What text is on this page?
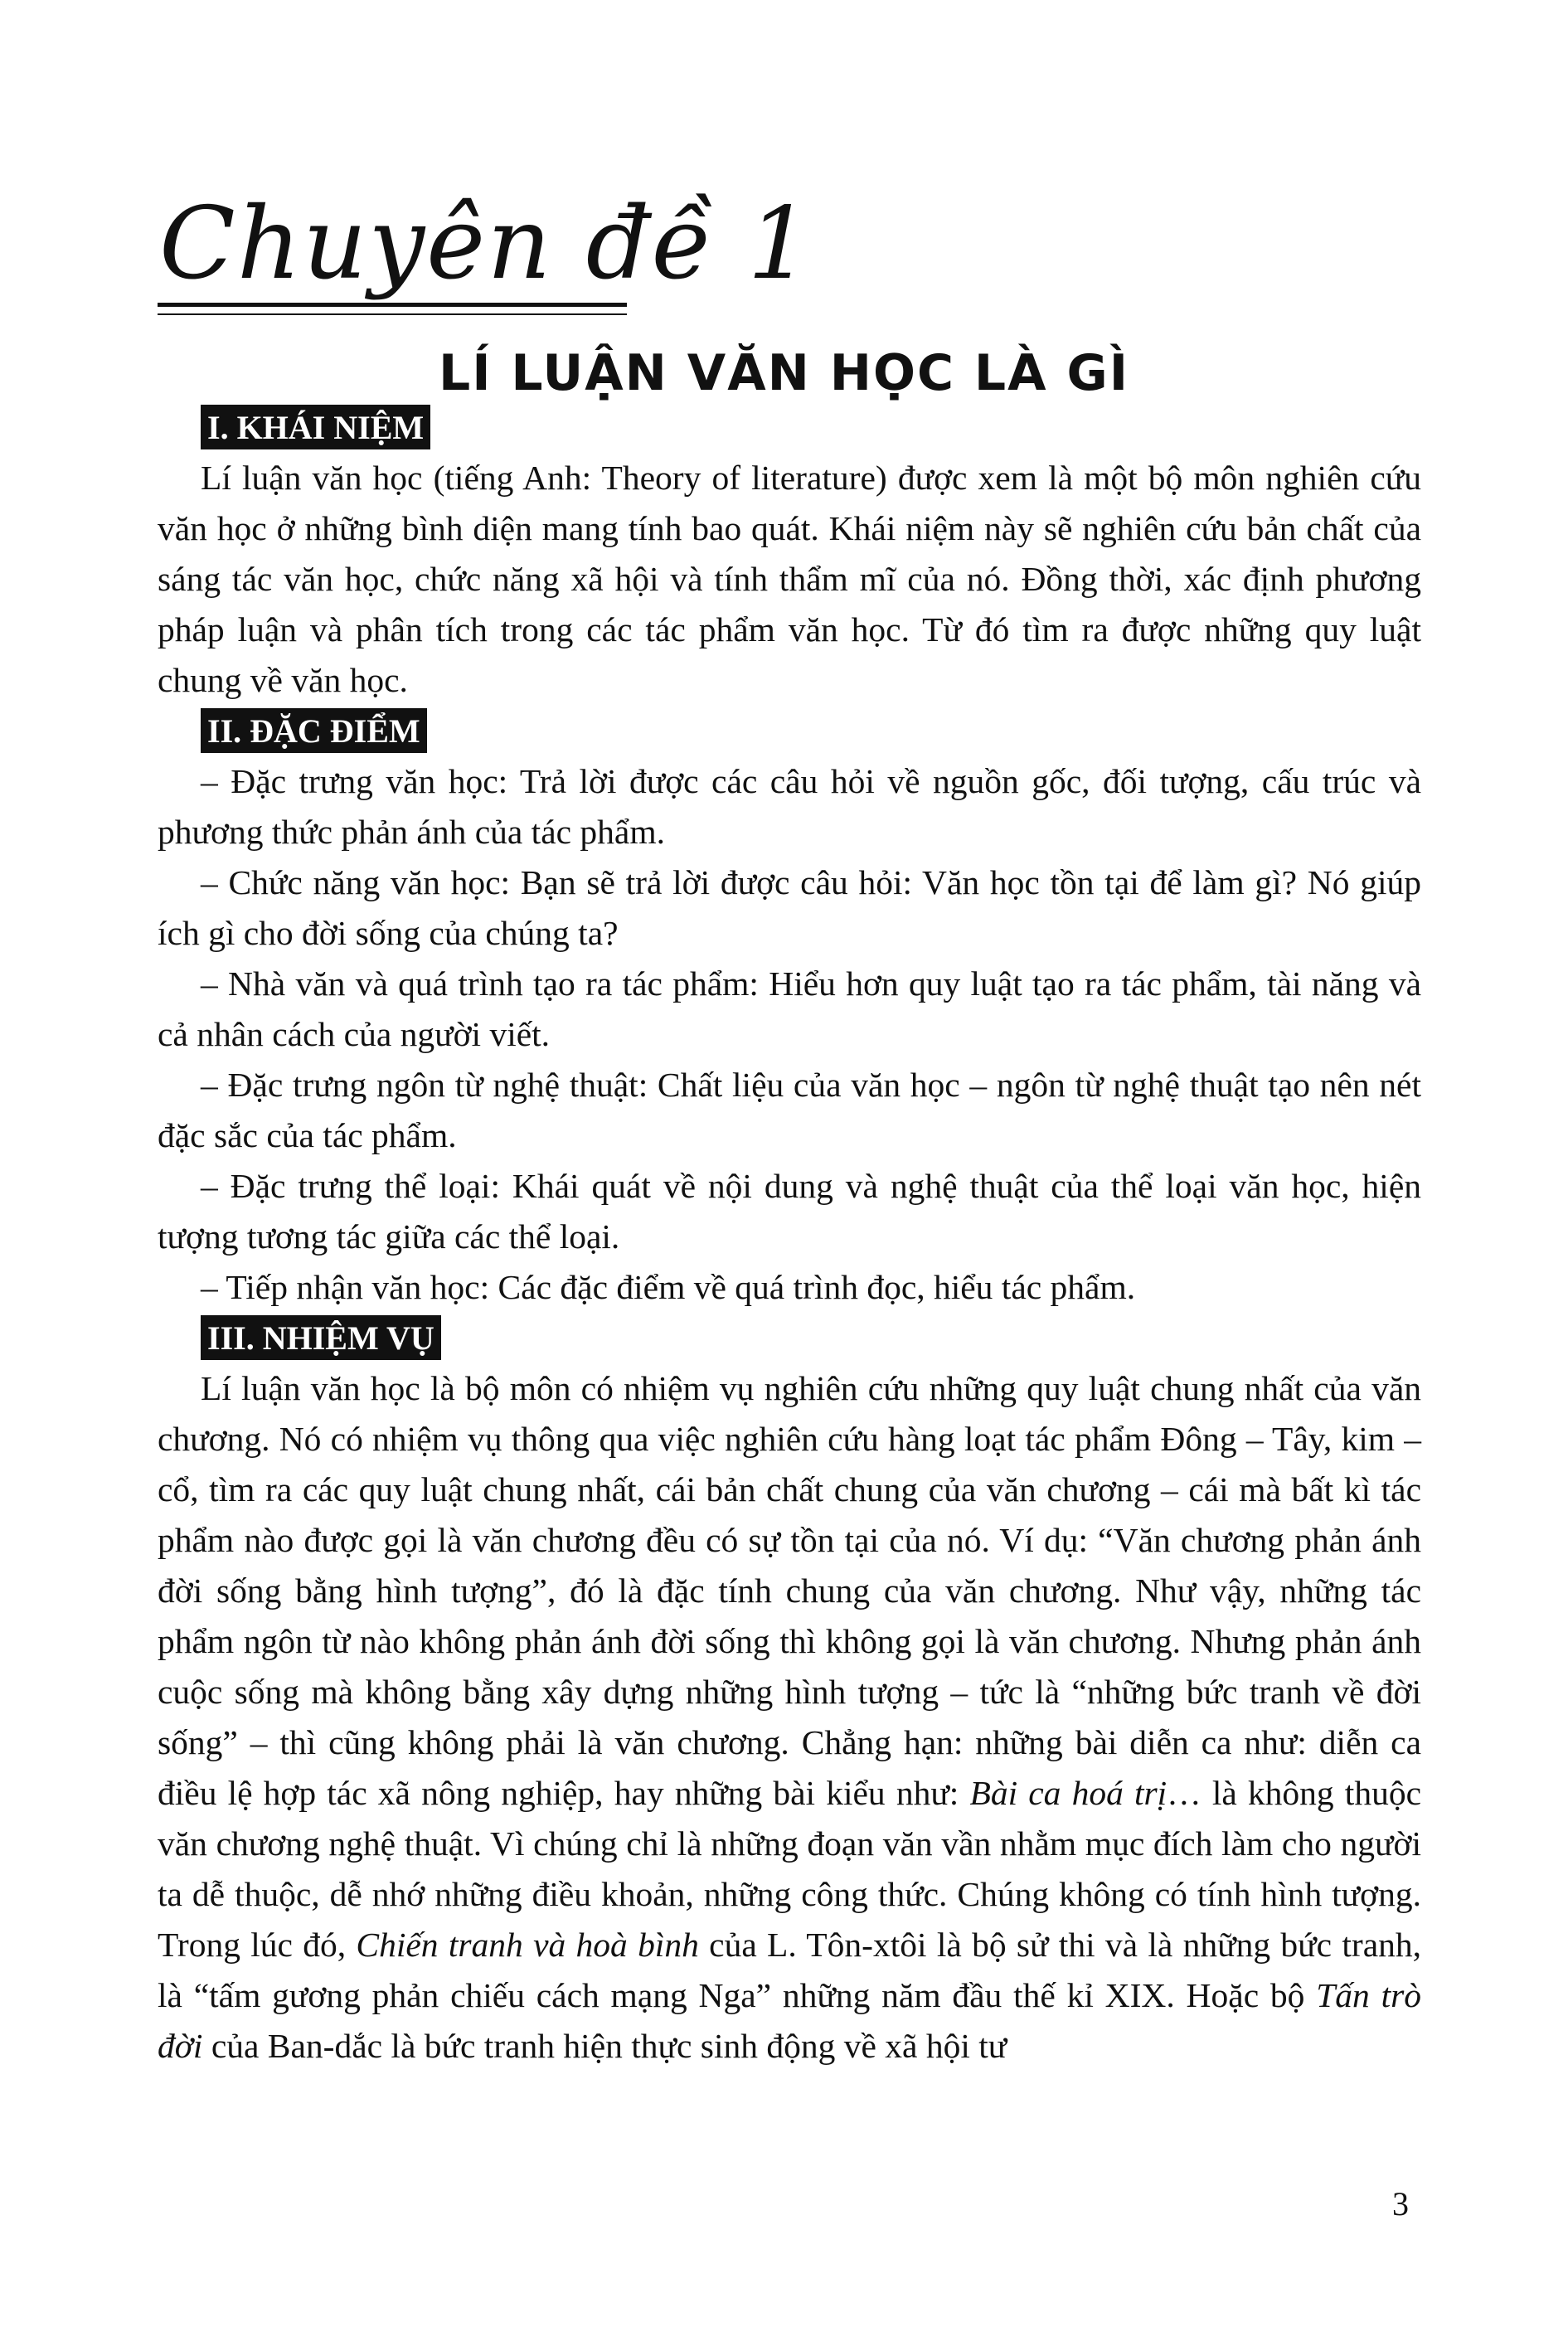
Chuyên đề 1
LÍ LUẬN VĂN HỌC LÀ GÌ
I. KHÁI NIỆM

Lí luận văn học (tiếng Anh: Theory of literature) được xem là một bộ môn nghiên cứu văn học ở những bình diện mang tính bao quát. Khái niệm này sẽ nghiên cứu bản chất của sáng tác văn học, chức năng xã hội và tính thẩm mĩ của nó. Đồng thời, xác định phương pháp luận và phân tích trong các tác phẩm văn học. Từ đó tìm ra được những quy luật chung về văn học.

II. ĐẶC ĐIỂM

– Đặc trưng văn học: Trả lời được các câu hỏi về nguồn gốc, đối tượng, cấu trúc và phương thức phản ánh của tác phẩm.

– Chức năng văn học: Bạn sẽ trả lời được câu hỏi: Văn học tồn tại để làm gì? Nó giúp ích gì cho đời sống của chúng ta?

– Nhà văn và quá trình tạo ra tác phẩm: Hiểu hơn quy luật tạo ra tác phẩm, tài năng và cả nhân cách của người viết.

– Đặc trưng ngôn từ nghệ thuật: Chất liệu của văn học – ngôn từ nghệ thuật tạo nên nét đặc sắc của tác phẩm.

– Đặc trưng thể loại: Khái quát về nội dung và nghệ thuật của thể loại văn học, hiện tượng tương tác giữa các thể loại.

– Tiếp nhận văn học: Các đặc điểm về quá trình đọc, hiểu tác phẩm.

III. NHIỆM VỤ

Lí luận văn học là bộ môn có nhiệm vụ nghiên cứu những quy luật chung nhất của văn chương. Nó có nhiệm vụ thông qua việc nghiên cứu hàng loạt tác phẩm Đông – Tây, kim – cổ, tìm ra các quy luật chung nhất, cái bản chất chung của văn chương – cái mà bất kì tác phẩm nào được gọi là văn chương đều có sự tồn tại của nó. Ví dụ: “Văn chương phản ánh đời sống bằng hình tượng”, đó là đặc tính chung của văn chương. Như vậy, những tác phẩm ngôn từ nào không phản ánh đời sống thì không gọi là văn chương. Nhưng phản ánh cuộc sống mà không bằng xây dựng những hình tượng – tức là “những bức tranh về đời sống” – thì cũng không phải là văn chương. Chẳng hạn: những bài diễn ca như: diễn ca điều lệ hợp tác xã nông nghiệp, hay những bài kiểu như: Bài ca hoá trị… là không thuộc văn chương nghệ thuật. Vì chúng chỉ là những đoạn văn vần nhằm mục đích làm cho người ta dễ thuộc, dễ nhớ những điều khoản, những công thức. Chúng không có tính hình tượng. Trong lúc đó, Chiến tranh và hoà bình của L. Tôn-xtôi là bộ sử thi và là những bức tranh, là “tấm gương phản chiếu cách mạng Nga” những năm đầu thế kỉ XIX. Hoặc bộ Tấn trò đời của Ban-dắc là bức tranh hiện thực sinh động về xã hội tư

3
